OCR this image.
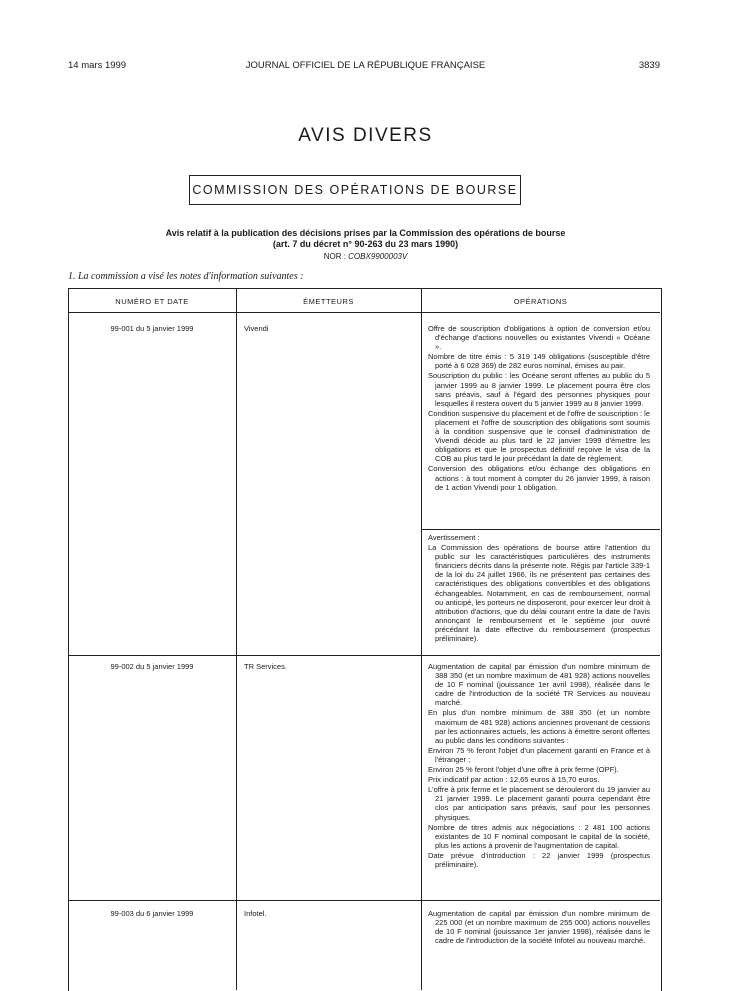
14 mars 1999	JOURNAL OFFICIEL DE LA RÉPUBLIQUE FRANÇAISE	3839
AVIS DIVERS
COMMISSION DES OPÉRATIONS DE BOURSE
Avis relatif à la publication des décisions prises par la Commission des opérations de bourse
(art. 7 du décret n° 90-263 du 23 mars 1990)
NOR : COBX9900003V
1. La commission a visé les notes d'information suivantes :
NUMÉRO ET DATE	ÉMETTEURS	OPÉRATIONS
99-001 du 5 janvier 1999	Vivendi	Offre de souscription d'obligations à option de conversion et/ou d'échange d'actions nouvelles ou existantes Vivendi « Océane ».

Nombre de titre émis : 5 319 149 obligations (susceptible d'être porté à 6 028 369) de 282 euros nominal, émises au pair.

Souscription du public : les Océane seront offertes au public du 5 janvier 1999 au 8 janvier 1999. Le placement pourra être clos sans préavis, sauf à l'égard des personnes physiques pour lesquelles il restera ouvert du 5 janvier 1999 au 8 janvier 1999.

Condition suspensive du placement et de l'offre de souscription : le placement et l'offre de souscription des obligations sont soumis à la condition suspensive que le conseil d'administration de Vivendi décide au plus tard le 22 janvier 1999 d'émettre les obligations et que le prospectus définitif reçoive le visa de la COB au plus tard le jour précédant la date de règlement.

Conversion des obligations et/ou échange des obligations en actions : à tout moment à compter du 26 janvier 1999, à raison de 1 action Vivendi pour 1 obligation.

Avertissement :

La Commission des opérations de bourse attire l'attention du public sur les caractéristiques particulières des instruments financiers décrits dans la présente note. Régis par l'article 339-1 de la loi du 24 juillet 1966, ils ne présentent pas certaines des caractéristiques des obligations convertibles et des obligations échangeables. Notamment, en cas de remboursement, normal ou anticipé, les porteurs ne disposeront, pour exercer leur droit à attribution d'actions, que du délai courant entre la date de l'avis annonçant le remboursement et le septième jour ouvré précédant la date effective du remboursement (prospectus préliminaire).

99-002 du 5 janvier 1999	TR Services.	Augmentation de capital par émission d'un nombre minimum de 388 350 (et un nombre maximum de 481 928) actions nouvelles de 10 F nominal (jouissance 1er avril 1998), réalisée dans le cadre de l'introduction de la société TR Services au nouveau marché.

En plus d'un nombre minimum de 388 350 (et un nombre maximum de 481 928) actions anciennes provenant de cessions par les actionnaires actuels, les actions à émettre seront offertes au public dans les conditions suivantes :

Environ 75 % feront l'objet d'un placement garanti en France et à l'étranger ;

Environ 25 % feront l'objet d'une offre à prix ferme (OPF).

Prix indicatif par action : 12,65 euros à 15,70 euros.

L'offre à prix ferme et le placement se dérouleront du 19 janvier au 21 janvier 1999. Le placement garanti pourra cependant être clos par anticipation sans préavis, sauf pour les personnes physiques.

Nombre de titres admis aux négociations : 2 481 100 actions existantes de 10 F nominal composant le capital de la société, plus les actions à provenir de l'augmentation de capital.

Date prévue d'introduction : 22 janvier 1999 (prospectus préliminaire).

99-003 du 6 janvier 1999	Infotel.	Augmentation de capital par émission d'un nombre minimum de 225 000 (et un nombre maximum de 255 000) actions nouvelles de 10 F nominal (jouissance 1er janvier 1998), réalisée dans le cadre de l'introduction de la société Infotel au nouveau marché.
